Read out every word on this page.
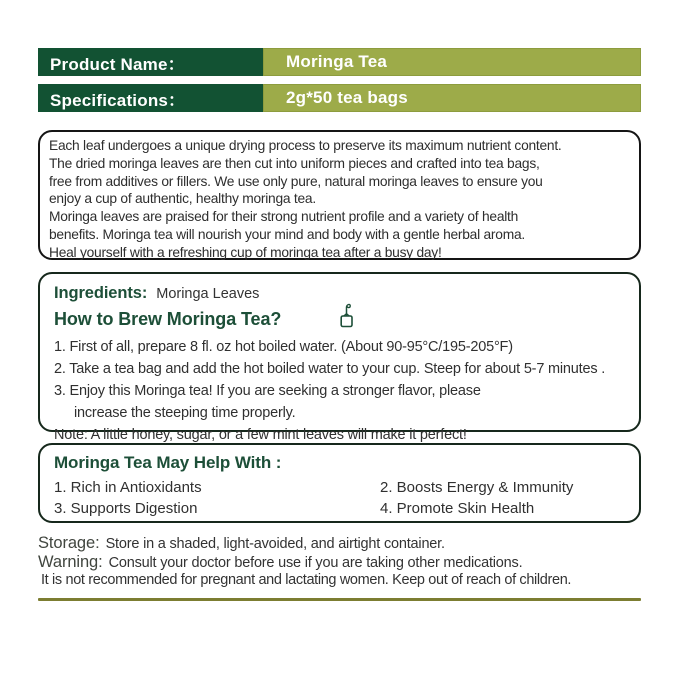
Product Name：	Moringa Tea
Specifications：	2g*50 tea bags
Each leaf undergoes a unique drying process to preserve its maximum nutrient content.
The dried moringa leaves are then cut into uniform pieces and crafted into tea bags,
free from additives or fillers. We use only pure, natural moringa leaves to ensure you
enjoy a cup of authentic, healthy moringa tea.
Moringa leaves are praised for their strong nutrient profile and a variety of health
benefits. Moringa tea will nourish your mind and body with a gentle herbal aroma.
Heal yourself with a refreshing cup of moringa tea after a busy day!
Ingredients: Moringa Leaves
How to Brew Moringa Tea?
1. First of all, prepare 8 fl. oz hot boiled water. (About 90-95°C/195-205°F)
2. Take a tea bag and add the hot boiled water to your cup. Steep for about 5-7 minutes .
3. Enjoy this Moringa tea! If you are seeking a stronger flavor, please
increase the steeping time properly.
Note: A little honey, sugar, or a few mint leaves will make it perfect!
Moringa Tea May Help With :
1. Rich in Antioxidants	2. Boosts Energy & Immunity
3. Supports Digestion	4. Promote Skin Health
Storage: Store in a shaded, light-avoided, and airtight container.
Warning: Consult your doctor before use if you are taking other medications.
It is not recommended for pregnant and lactating women. Keep out of reach of children.
